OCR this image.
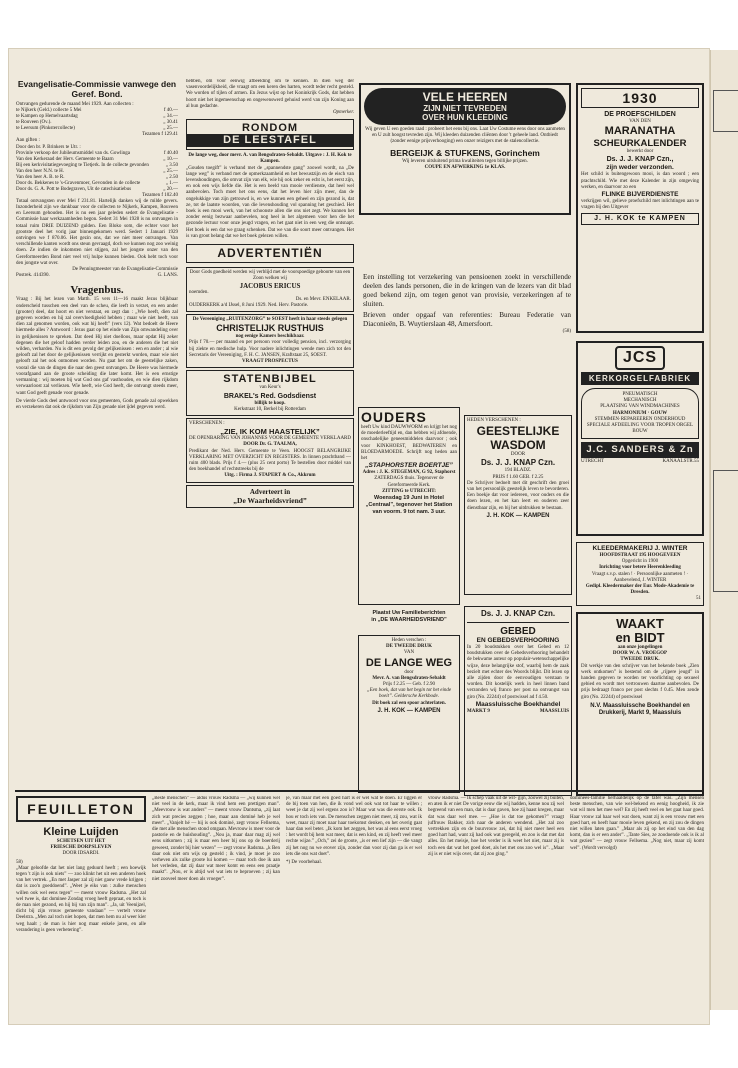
Evangelisatie-Commissie vanwege den Geref. Bond.

Ontvangen gedurende de maand Mei 1929. Aan collecten :

te Nijkerk (Geld.) collecte 5 Mei	f 40.—
te Kampen op Hemelvaartsdag	„ 34.—
te Rouveen (Ov.).	„ 30.41
te Leersum (Pinkstercollecte)	„ 25.—

Tezamen f 129.41

Aan giften :

Door den br. P. Brinkers te Utr. :
Provinle verkoop der Jubileumsmiddel van ds. Gowlinga	f 40.40
Van den Kerkeraad der Herv. Gemeente te Baarn	„ 10.—
Bij een kerkvisitatiegevoeging te Tietjerk. In de collecte gevonden	„ 3.50
Van den heer N.N. te H.	„ 25.—
Van den heer A. B. te R.	„ 2.50
Door ds. Bekkenes te 's-Gravenmoer, Gevonden in de collecte	„ 1.—
Door ds. G. A. Pott te Bodegraven, Uit de catechisatiebus	„ 20.—

Tezamen f 102.40

Totaal ontvangsten over Mei f 231.81. Hartelijk danken wij de milde gevers. Inzonderheid zijn we dankbaar voor de collecten te Nijkerk, Kampen, Rouveen en Leersum gehouden. Het is nu een jaar geleden sedert de Evangelisatie - Commissie haar werkzaamheden begon. Sedert 31 Mei 1928 is nu ontvangen in totaal ruim DRIE DUIZEND gulden. Een Bloko som, die echter voor het grootste deel het vorig jaar binnengekomen werd. Sedert 1 Januari 1929 ontvingen we f 870.06. Het gezin ons, dat we niet meer ontvangen. Van verschillende kanten wordt ons steun gevraagd, doch we kunnen nog zoo weinig doen. Ze indien de inkomsten niet stijgen, zal het jongste onzer van den Gereformeerden Bond niet veel vrij hulpe kunnen bieden. Ook hebt toch voor den jongste wat over.

De Penningmeester van de Evangelisatie-Commissie

Postrek. 414390.	G. LANS.

Vragenbus.

Vraag : Bij het lezen van Matth. 15 vers 11—16 maakt Jezus blijkbaar onderscheid tusschen een deel van de scheu, die leeft in verzet, en een ander (grooter) deel, dat hoort en niet verstaat, en zegt dan : „Wie heeft, dien zal gegeven worden en hij zal overvloedigheid hebben ; maar wie niet heeft, van dien zal genomen worden, ook wat hij heeft” (vers 12). Wat bedoelt de Heere hiermede alles ? Antwoord : Jezus gaat op het einde van Zijn omwandeling over in gelijkenissen te spreken. Dat deed Hij niet doelloos, maar opdat Hij zeker degenen die het geloof hadden verder leiden zou, en de anderen die het niet wilden, verharden. Nu is dit een gevolg der gelijkenissen : een en ander ; al wie gelooft zal het door de gelijkenissen verrijkt en gesterkt worden, maar wie niet gelooft zal het ook ontnomen worden. Nu gaat het om de geestelijke zaken, vooral die van de dingen die naar den geest ontvangen. De Heere was hiermede voorafgaand aan de groote scheiding die later komt. Het is een ernstige vermaning : wij moeten bij wat God ons gaf vasthouden, en wie dien rijkdom verwaarloost zal verliezen. Wie heeft, wie God heeft, die ontvangt steeds meer, want God geeft genade voor genade.

De vierde Gods deel antwoord voor ons gemeenten, Gods genade zal opwekken en verzekeren dat ook de rijkdom van Zijn genade niet ijdel gegeven werd.

hebben, om voor eenwig afbeelding om te kennen. In dien weg der vasenvoordelijkheid, die vraagt om een keren des harten, wordt teder recht gesteld. We worden of tijlen of armen. En Jezus wijst op het Koninkrijk Gods, dat hebben hoort niet het ingemeenschap en ongewenswerd gehuisd werd van zijn Koning aan al hun gedachte.

Opmerker.

RONDOM
DE LEESTAFEL

De lange weg, door mevr. A. van Bengsdraten-Sebaldt. Uitgave : J. H. Kok te Kampen.

„Gouden toegift” is verband met de „spannendste gang” zoowel wordt, na „De lange weg” is verband met de opmerkzaamheid en het bewustzijn en de eisch van levenshoudingen, die omvat zijn van elk, wie hij ook zeker en echt is, het eerst zijn, en ook een wijs liefde die. Het is een beeld van mooie verdienste, dat heel wel aanbevolen. Toch moet het ons eens, dat het leven hier zijn meer, dan de ongelukkige van zijn getrouwd is, en we kunnen een geheel en zijn gezond is, dat ze, tot de laatste woorden, van die levenshouding vol spanning het geschied. Het boek is een mooi werk, van het schoonste allen die ons niet zegt. We kunnen het zonder eenig bezwaar aanbevelen, nog heel in het algemeen voor hen die het gezonde lectuur voor onze jeugd vragen, en het gaat niet in een weg die ontsnapt. Het boek is een dat we graag schenken. Dat we van die soort meer ontvangen. Het is van groot belang dat we het boek gelezen willen.

ADVERTENTIËN

Door Gods goedheid werden wij verblijd met de voorspoedige geboorte van een Zoon welken wij

JACOBUS ERICUS

noemden.

Ds. en Mevr. ENKELAAR.

OUDERKERK a/d IJssel, 8 Juni 1929. Ned. Herv. Pastorie.

De Vereeniging „RUITENZORG” te SOEST heeft in haar steeds gelegen

CHRISTELIJK RUSTHUIS

nog eenige Kamers beschikbaar.

Prijs f 70.— per maand en per persoon voor volledig pension, incl. verzorging bij ziekte en medische hulp. Voor nadere inlichtingen wende men zich tot den Secretaris der Vereeniging, F. H. C. JANSEN, Kraftstaat 25, SOEST.

VRAAGT PROSPECTUS

STATENBIJBEL

van Keur's

BRAKEL's Red. Godsdienst

billijk te koop.

Kerkstraat 10, Berkel bij Rotterdam

VERSCHENEN :

„ZIE, IK KOM HAASTELIJK”

DE OPENBARING VAN JOHANNES VOOR DE GEMEENTE VERKLAARD

DOOR Dr. G. TAALMA,

Predikant der Ned. Herv. Gemeente te Veen. HOOGST BELANGRIJKE VERKLARING MET OVERZICHT EN REGISTERS. In linnen prachtband — ruim 400 blads. Prijs f 4.— (plus 25 cent porto) Te bestellen door middel van den boekhandel of rechtstreeks bij de

Uitg. : Firma J. STAPERT & Co., Akkrum

Adverteert in

„De Waarheidsvriend”

VELE HEEREN
ZIJN NIET TEVREDEN
OVER HUN KLEEDING

Wij geven U een goeden raad : probeert het eens bij ons. Laat Uw Costume eens door ons aanmeten en U zult hoogst tevreden zijn. Wij kleeden duizenden cliënten door 't geheele land. Ontbiedt (zonder eenige prijsverhooging) een onzer reizigers met de stalencollectie.

BERGEIJK & STUFKENS, Gorinchem

Wij leveren uitsluitend prima kwaliteiten tegen billijke prijzen.

COUPE EN AFWERKING 1e KLAS.

Een instelling tot verzekering van pensioenen zoekt in verschillende deelen des lands personen, die in de kringen van de lezers van dit blad goed bekend zijn, om tegen genot van provisie, verzekeringen af te sluiten.

Brieven onder opgaaf van referenties: Bureau Federatie van Diaconieën, B. Wuytierslaan 48, Amersfoort.

(58)

OUDERS

heeft Uw kind DAUWWORM en krijgt het nog de moederleeftijd en, dan hebben wij afdoende, onschadelijke geneesmiddelen daarvoor ; ook voor KINKHOEST, BEDWATEREN en BLOEDARMOEDE. Schrijft nog heden aan het

„STAPHORSTER BOERTJE”

Adres : J. K. STEGEMAN, G 92, Staphorst

ZATERDAGS thuis. Tegenover de Gereformeerde Kerk.

ZITTING te UTRECHT:

Woensdag 19 Juni in Hotel „Centraal”, tegenover het Station van voorm. 9 tot nam. 3 uur.

HEDEN VERSCHENEN :

GEESTELIJKE

WASDOM

DOOR

Ds. J. J. KNAP Czn.

194 BLADZ.

PRIJS f 1.60 GEB. f 2.25

De Schrijver bedoelt met dit geschrift den groei van het persoonlijk geestelijk leven te bevorderen. Een boekje dat voor iedereen, voor ouders en die doen lezen, en het kan leert en ouderen zeer dienstbaar zijn, en bij het uitdrukken te bestaan.

J. H. KOK — KAMPEN

Plaatst Uw Familieberichten

in „DE WAARHEIDSVRIEND”

Heden verschen :

DE TWEEDE DRUK

VAN

DE LANGE WEG

door

Mevr. A. van Bengsdraten-Sebaldt

Prijs f 2.25 — Geb. f 2.90

„Een boek, dat van het begin tot het einde boeit”. Geldersche Kerkbode.

Dit boek zal een spoor achterlaten.

J. H. KOK — KAMPEN

Ds. J. J. KNAP Czn.

GEBED

EN GEBEDSVERHOORING

In 20 boudstukken over het Gebed en 12 boudstukken over de Gebedsverhooring behandelt de bekwame auteur op populair-wetenschappelijke wijze, deze belangrijke stof, waarbij hem de zaak bezielt met echter des Woords blijkt. Dit lezen op alle zijden door de eenvoudigen verstaan te worden. Dit kostelijk werk in heel linnen band verzonden wij franco per post na ontvangst van giro (No. 22244) of postwissel ad f 4.50.

Maassluissche Boekhandel

MARKT 9	MAASSLUIS
1930

DE PROEFSCHILDEN

VAN DEN

MARANATHA

SCHEURKALENDER

bewerkt door

Ds. J. J. KNAP Czn.,

zijn weder verzonden.

Het schild is buitengewoon mooi, is dan woord ; een prachtschild. Wie met deze Kalender in zijn omgeving werken, en daarvoor zo een

FLINKE BIJVERDIENSTE

verkrijgen wil, gelieve proefschild met inlichtingen aan te vragen bij den Uitgever

J. H. KOK te KAMPEN
JCS
KERKORGELFABRIEK

PNEUMATISCH

MECHANISCH

PLAATSING VAN WINDMACHINES

HARMONIUM · GOUW

STEMMEN·REPAREEREN ONDERHOUD

SPECIALE AFDEELING VOOR TROPEN ORGEL BOUW

J.C. SANDERS & Zn
UTRECHT	KANAALSTR.55

KLEEDERMAKERIJ J. WINTER

HOOFDSTRAAT 195 HOOGEVEEN

Opgericht in 1900

Inrichting voor betere Heerenkleeding

Vraagt s.v.p. stalen ! · Persoonlijke aanmeten ! · Aanbevelend, J. WINTER

Gedipl. Kleedermaker der Eur. Mode-Akademie te Dresden.

51

WAAKT

en BIDT

aan onze jongelingen

DOOR W. A. VROEGOP

TWEEDE DRUK.

Dit werkje van den schrijver van het bekende boek „Zien werk ontkomen” is bestemd om de „rijpere jeugd” in handen gegeven te worden ter voorlichting op sexueel gebied en wordt met vertrouwen daartoe aanbevolen. De prijs bedraagt franco per post slechts f 0.45. Men zende giro (No. 22244) of postwissel

N.V. Maassluissche Boekhandel en Drukkerij, Markt 9, Maassluis

FEUILLETON

Kleine Luijden

SCHETSEN UIT HET

FRIESCHE DORPSLEVEN

DOOR IDSARDI.

58)

„Maar geloofde dat het niet lang geduurd heeft ; een hoewijk tegen 't zijn is ook niets” — zoo klinkt het uit een anderen hoek van het vertrek. „En met Jasper zal zij niet gauw vrede krijgen ; dat is zoo'n goeddoend”. „Weet je eiks van : zulke menschen willen ook wel eens tegen” — meent vrouw Radsma. „Het zal wel twee is, dat dominee Zondag vroeg heeft gepraat, en toch is de man niet gezond, en hij bij van zijn man”. „Ja, uit Veenijzel, dicht bij zijn vrouw gemeente vandaan” — vertelt vrouw Deelstra. „Men zal toch niet hopen, dat men hem nu al weer kier weg haalt ; de man is hier nog maar enkele jaren, en alle verandering is geen verbetering”.

„Beste menschen” — aldus vrouw Radsma — „wij kunnen wel niet veel in de kerk, maar ik vind hem een prettigen man”. „Meevrouw is wat anders” — meent vrouw Dantsma, „zij laat zich wat precies zeggen ; hoe, maar aan dominé heb je wel meer”. „Vanjelt hé — hij is ook dominé, zegt vrouw Fellsema, die met alle menschen stond omgaan. Mevrouw is meer voor de pastorie en de huishouding”. „Nou ja, maar daar mag zij wel eens uitkomen ; zij is maar een heer bij ons op de boerderij geweest, zonder bij hier wezen” — zegt vrouw Radsma. „k Ben daar ook niet om wijs op gesteld ; ik vind, je moet je zoo verheven als zulke groote lui komen — maar toch doe ik aan het verleden, dat zij daar wat meer komt en eens een praatje maakt”. „Nou, er is altijd wel wat iets te beproeven ; zij kan niet zooveel meer doen als vroeger”.

je, van maar met een goed hart is er wel wat te doen. Er liggen er de bij toen van hen, die ik vond wel ook wat tot haar te willen ; weet je dat zij wel ergens zoo is? Maar wat was die eerste ook. Ik hou er toch iets van. De menschen zeggen niet meer, zij zou, wat ik weet, maar zij moet naar haar toekomst denken, en het overig gaat haar dan wel beter. „Ik kom het zeggen, het was al eens eerst vroeg : het wordt bij hem wat meer, dat is een kind, en zij heeft veel meer rechte wijze.” „Och,” zei de groote, „is er een lief zijn — die vangt zij het nog nu we erover zijn, zonder dan voor zij dan ga is er wel iets die ons wat doet”.

*) De voorbehaal.

vrouw Radsma. — Ik schep vaak uit de wit- gijn, zoowel zij buiten, en aten ik er niet De vorige eeuw die wij hadden, kenne nou zij wel begreend van een man, dat is daar gaven, hoe zij haast kregen, maar dat was daar wel mee. — „Hoe is dat toe gekomen?” vraagt juffrouw Bakker, zich naar de anderen wendend. „Het zal zoo vertrekken zijn en de buurvrouw zei, dat hij niet meer heel een goed hart had, want zij had ook wat geregeld, en zoo is dat met dat alles. En het meisje, hoe het verder is ik weet het niet, maar zij is toch een dat wat het goed doet, als het met ons zoo wel is”. „Maar zij is er niet wijs over, dat zij zoo ging.”

dominees-familie herhaaldelijk op de tafel was. „Zijn mensen beste menschen, van wie wel-bekend en eenig hoogheid, ik zie wat wil men het mee wel? En zij heeft veel en het gaat haar goed. Haar vrouw zal haar wel wat doen, want zij is een vrouw met een goed hart, en heeft haar mooie leven gekend, en zij zou de dingen niet willen laten gaan.” „Maar als zij op het eind van den dag komt, dan is er een ander”. „Tante Sies, ze zoodoende ook is ik al wat gezien” — zegt vrouw Fellsema. „Nog niet, maar zij komt wel”. (Wordt vervolgd)
